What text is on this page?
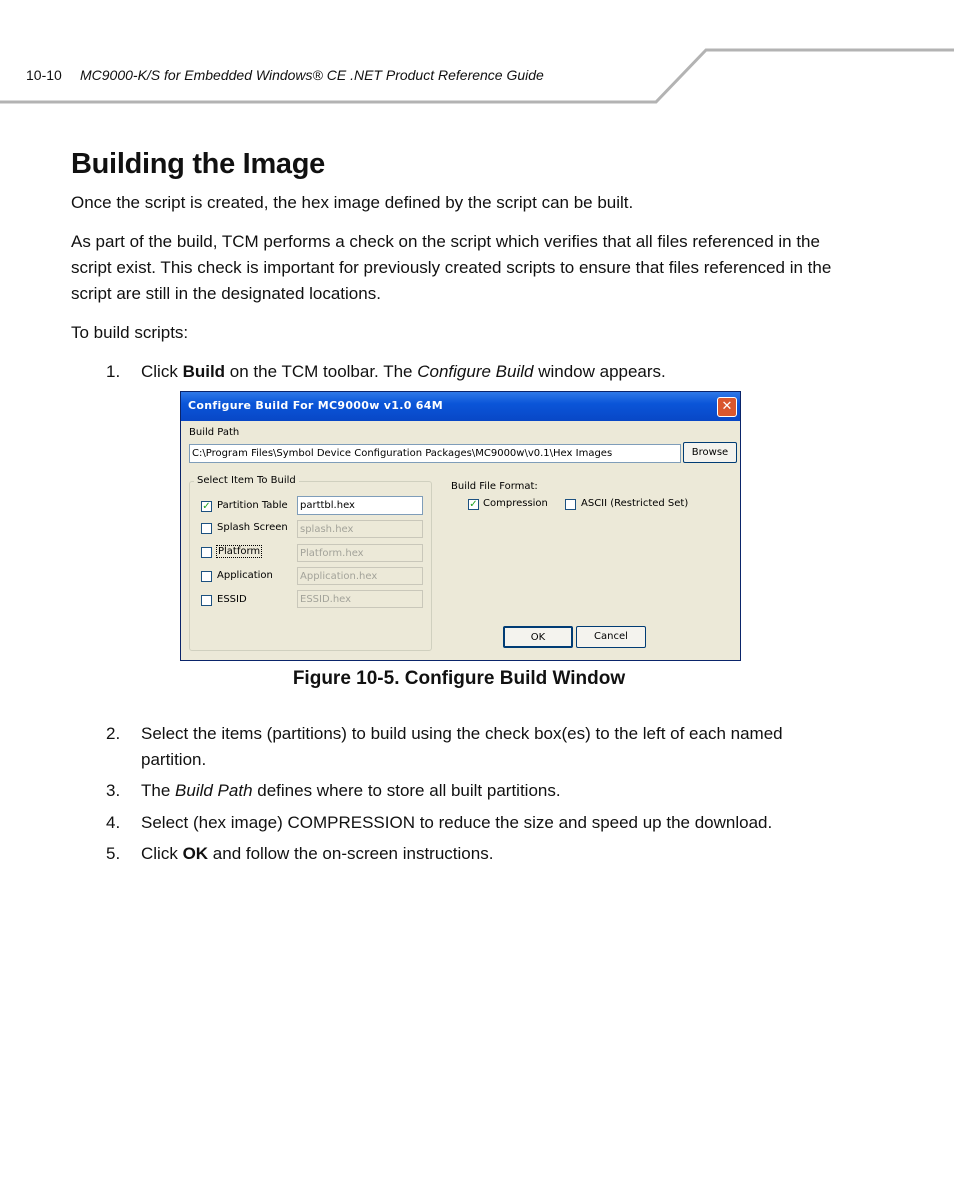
10-10 MC9000-K/S for Embedded Windows® CE .NET Product Reference Guide
Building the Image

Once the script is created, the hex image defined by the script can be built.

As part of the build, TCM performs a check on the script which verifies that all files referenced in the script exist. This check is important for previously created scripts to ensure that files referenced in the script are still in the designated locations.

To build scripts:

1. Click Build on the TCM toolbar. The Configure Build window appears.
Configure Build For MC9000w v1.0 64M	✕
Build Path
C:\Program Files\Symbol Device Configuration Packages\MC9000w\v0.1\Hex Images	Browse
Select Item To Build
✓ Partition Table	parttbl.hex
Splash Screen	splash.hex
Platform	Platform.hex
Application	Application.hex
ESSID	ESSID.hex
Build File Format:
✓ Compression	ASCII (Restricted Set)
OK	Cancel
Figure 10-5. Configure Build Window
2. Select the items (partitions) to build using the check box(es) to the left of each named partition.
3. The Build Path defines where to store all built partitions.
4. Select (hex image) COMPRESSION to reduce the size and speed up the download.
5. Click OK and follow the on-screen instructions.
